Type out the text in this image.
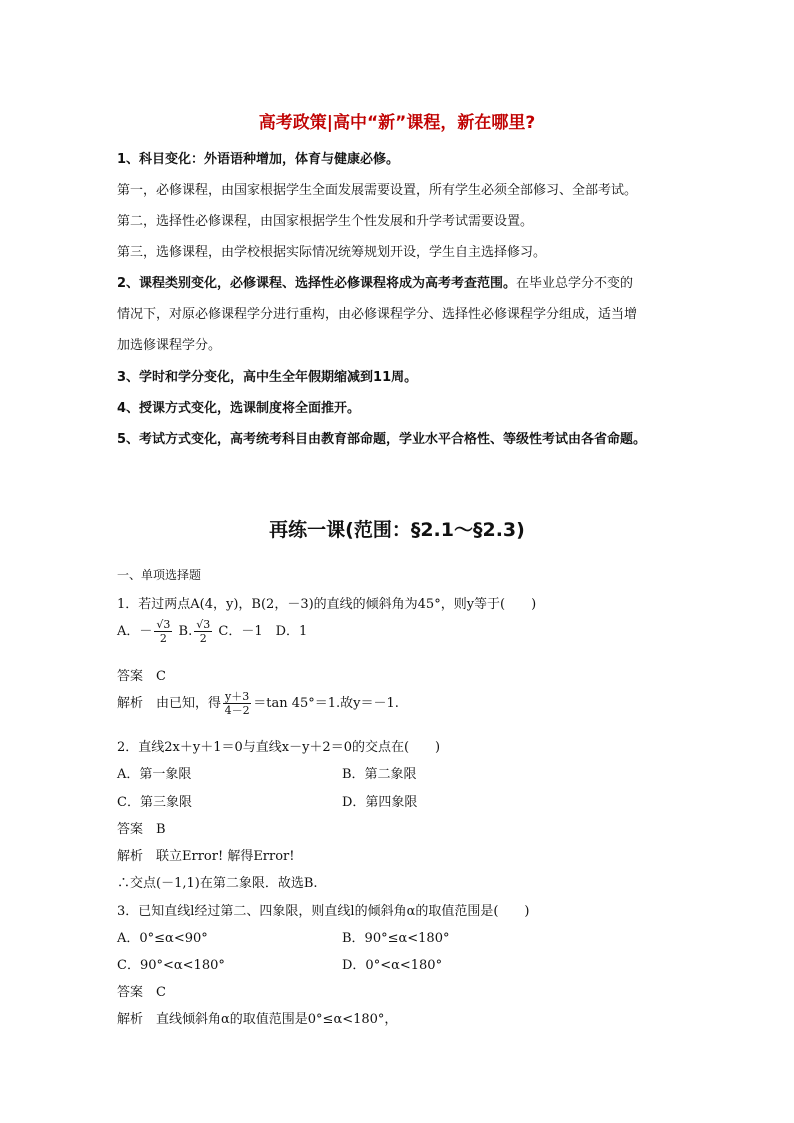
高考政策|高中“新”课程，新在哪里?
1、科目变化：外语语种增加，体育与健康必修。
第一，必修课程，由国家根据学生全面发展需要设置，所有学生必须全部修习、全部考试。
第二，选择性必修课程，由国家根据学生个性发展和升学考试需要设置。
第三，选修课程，由学校根据实际情况统筹规划开设，学生自主选择修习。
2、课程类别变化，必修课程、选择性必修课程将成为高考考查范围。在毕业总学分不变的
情况下，对原必修课程学分进行重构，由必修课程学分、选择性必修课程学分组成，适当增
加选修课程学分。
3、学时和学分变化，高中生全年假期缩减到11周。
4、授课方式变化，选课制度将全面推开。
5、考试方式变化，高考统考科目由教育部命题，学业水平合格性、等级性考试由各省命题。
再练一课(范围：§2.1～§2.3)
一、单项选择题
1．若过两点A(4，y)，B(2，－3)的直线的倾斜角为45°，则y等于(　　)
A．－ $\frac{√3}{2} B$. $\frac{√3}{2}$ C．－1　D．1
答案　C
解析　由已知，得 $\frac{y+3}{4-2} =\tan$ 45°＝1.故y＝－1.
2．直线2x＋y＋1＝0与直线x－y＋2＝0的交点在(　　)
A．第一象限	B．第二象限
C．第三象限	D．第四象限
答案　B
解析　联立Error! 解得Error!
∴交点(－1,1)在第二象限．故选B.
3．已知直线l经过第二、四象限，则直线l的倾斜角α的取值范围是(　　)
A．0°≤α<90°	B．90°≤α<180°
C．90°<α<180°	D．0°<α<180°
答案　C
解析　直线倾斜角α的取值范围是0°≤α<180°，
